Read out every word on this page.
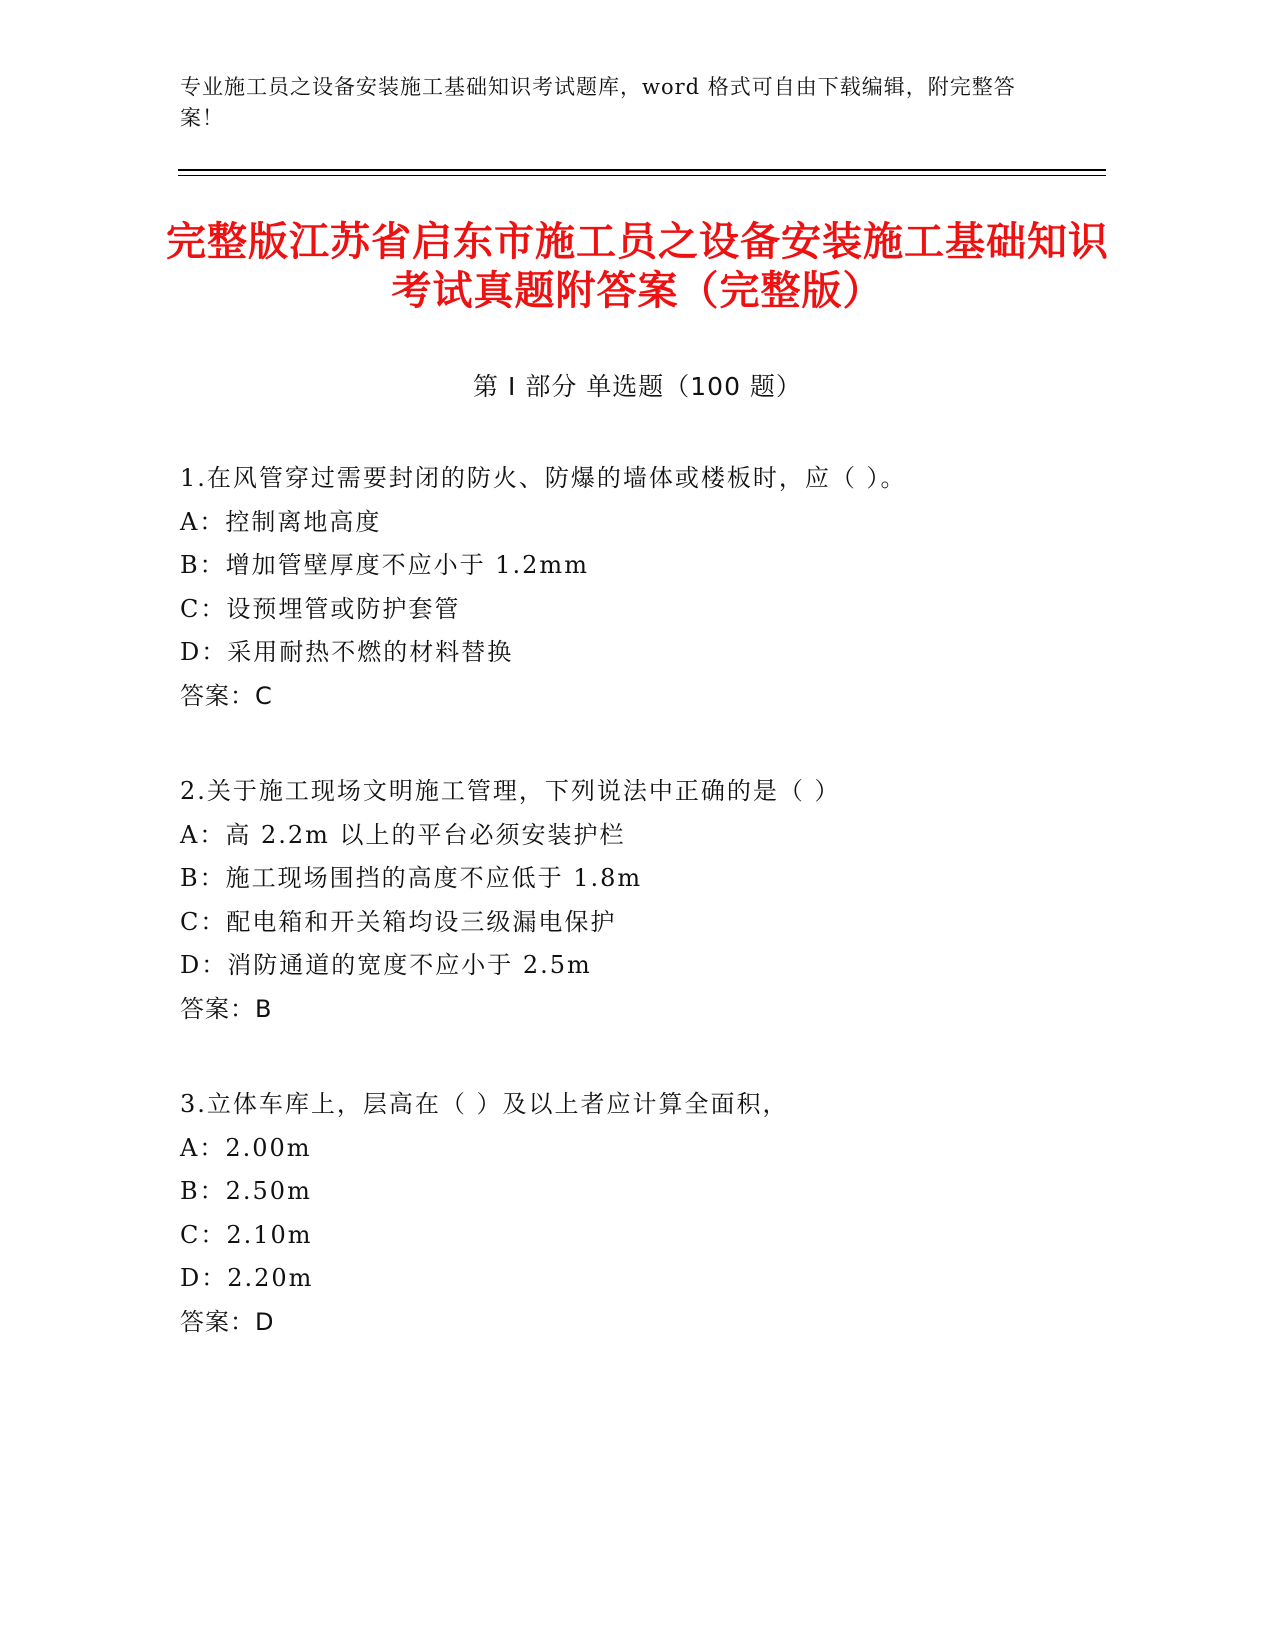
专业施工员之设备安装施工基础知识考试题库，word 格式可自由下载编辑，附完整答案！
完整版江苏省启东市施工员之设备安装施工基础知识考试真题附答案（完整版）
第 I 部分 单选题（100 题）
1.在风管穿过需要封闭的防火、防爆的墙体或楼板时，应（ ）。
A：控制离地高度
B：增加管壁厚度不应小于 1.2mm
C：设预埋管或防护套管
D：采用耐热不燃的材料替换
答案：C
2.关于施工现场文明施工管理，下列说法中正确的是（ ）
A：高 2.2m 以上的平台必须安装护栏
B：施工现场围挡的高度不应低于 1.8m
C：配电箱和开关箱均设三级漏电保护
D：消防通道的宽度不应小于 2.5m
答案：B
3.立体车库上，层高在（ ）及以上者应计算全面积，
A：2.00m
B：2.50m
C：2.10m
D：2.20m
答案：D
